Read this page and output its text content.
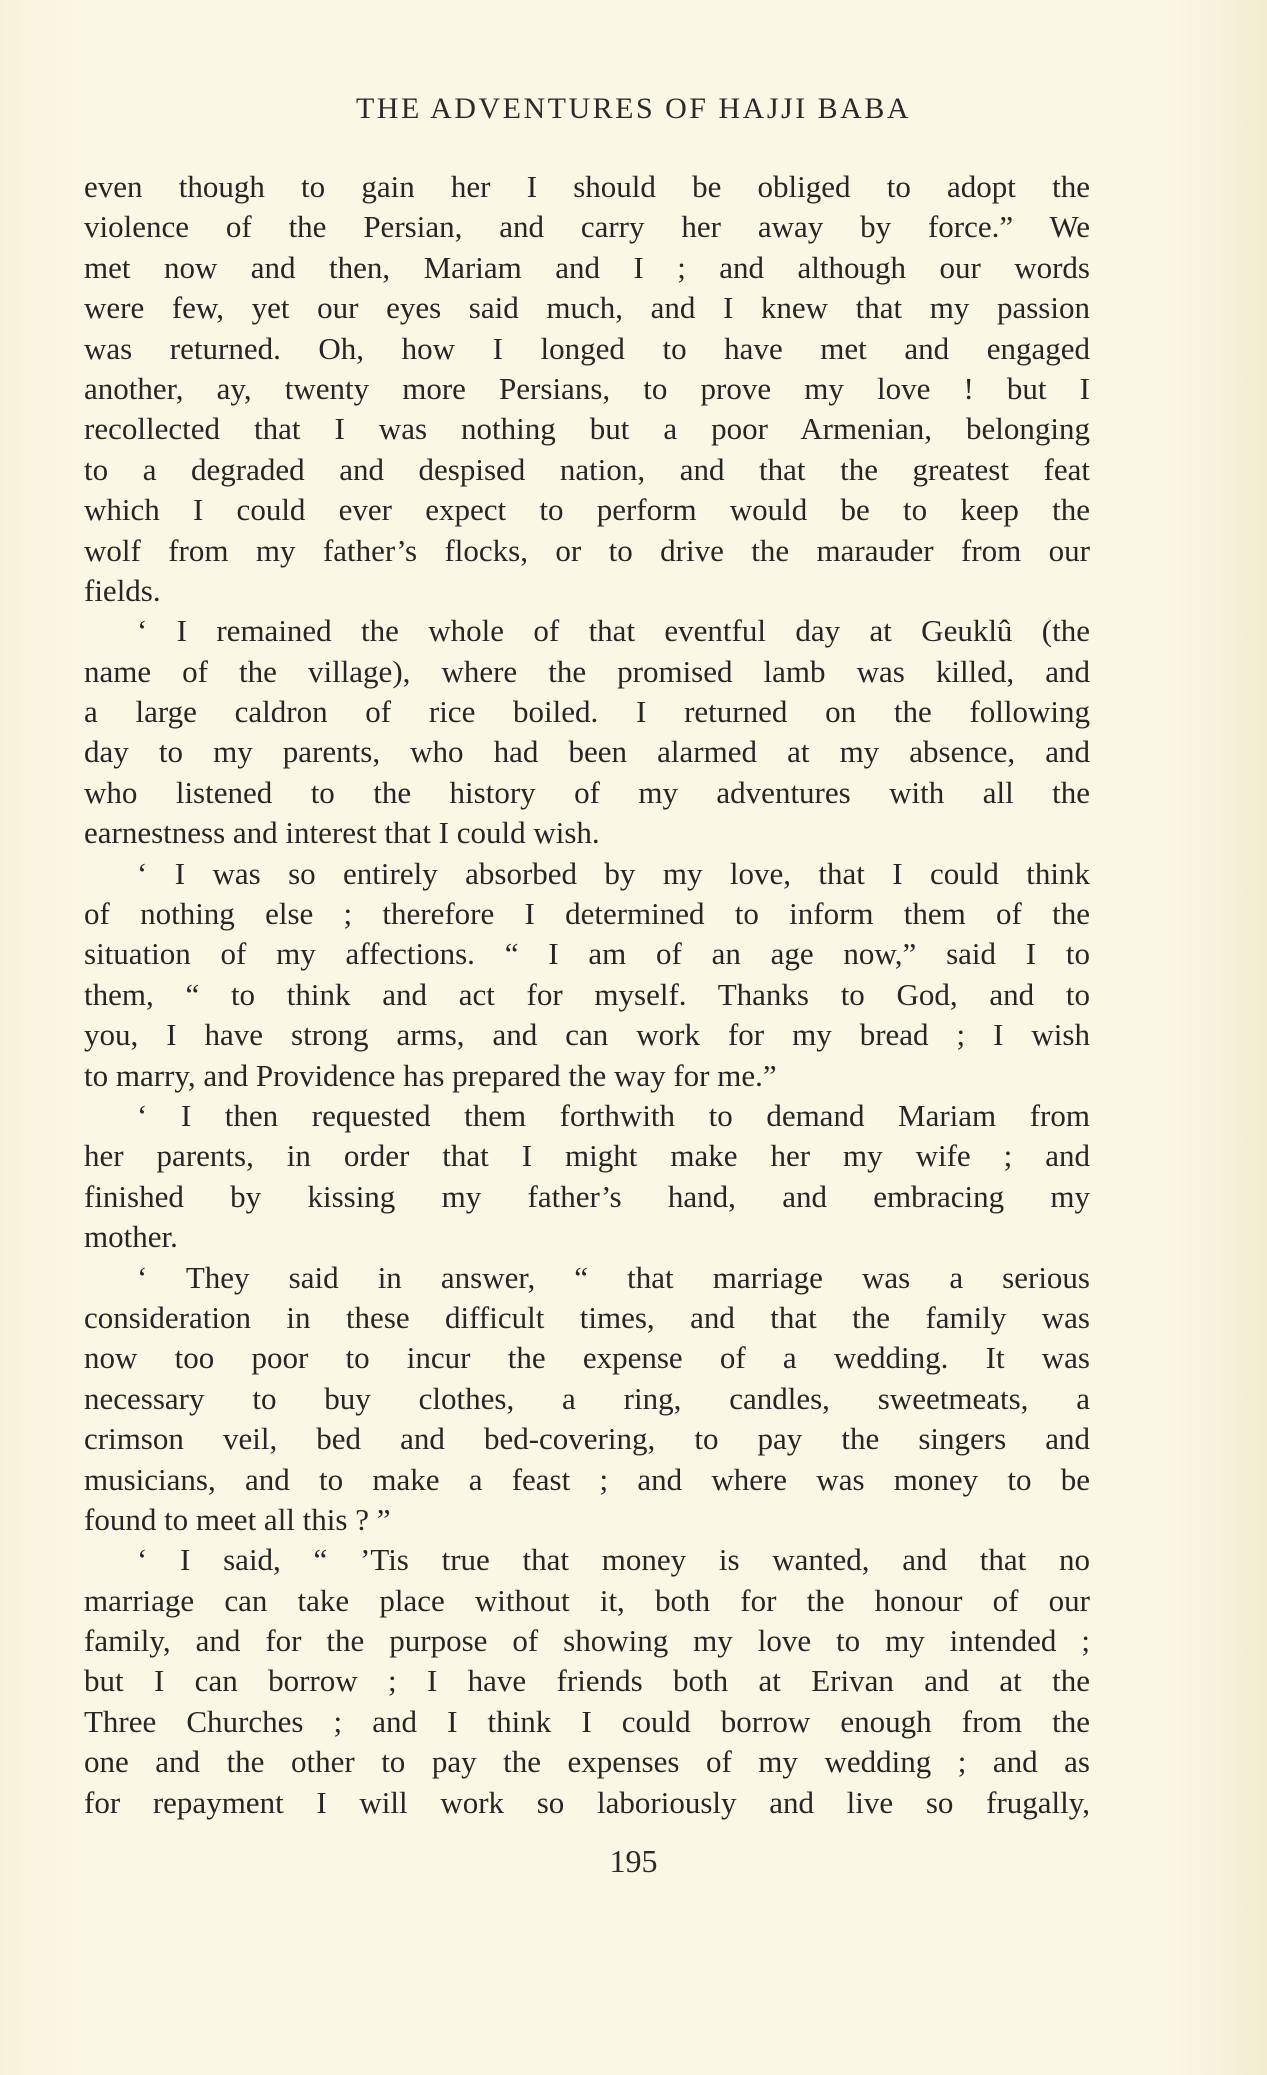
THE ADVENTURES OF HAJJI BABA
even though to gain her I should be obliged to adopt the
violence of the Persian, and carry her away by force.” We
met now and then, Mariam and I ; and although our words
were few, yet our eyes said much, and I knew that my passion
was returned. Oh, how I longed to have met and engaged
another, ay, twenty more Persians, to prove my love ! but I
recollected that I was nothing but a poor Armenian, belonging
to a degraded and despised nation, and that the greatest feat
which I could ever expect to perform would be to keep the
wolf from my father’s flocks, or to drive the marauder from our
fields.
‘ I remained the whole of that eventful day at Geuklû (the
name of the village), where the promised lamb was killed, and
a large caldron of rice boiled. I returned on the following
day to my parents, who had been alarmed at my absence, and
who listened to the history of my adventures with all the
earnestness and interest that I could wish.
‘ I was so entirely absorbed by my love, that I could think
of nothing else ; therefore I determined to inform them of the
situation of my affections. “ I am of an age now,” said I to
them, “ to think and act for myself. Thanks to God, and to
you, I have strong arms, and can work for my bread ; I wish
to marry, and Providence has prepared the way for me.”
‘ I then requested them forthwith to demand Mariam from
her parents, in order that I might make her my wife ; and
finished by kissing my father’s hand, and embracing my
mother.
‘ They said in answer, “ that marriage was a serious
consideration in these difficult times, and that the family was
now too poor to incur the expense of a wedding. It was
necessary to buy clothes, a ring, candles, sweetmeats, a
crimson veil, bed and bed-covering, to pay the singers and
musicians, and to make a feast ; and where was money to be
found to meet all this ? ”
‘ I said, “ ’Tis true that money is wanted, and that no
marriage can take place without it, both for the honour of our
family, and for the purpose of showing my love to my intended ;
but I can borrow ; I have friends both at Erivan and at the
Three Churches ; and I think I could borrow enough from the
one and the other to pay the expenses of my wedding ; and as
for repayment I will work so laboriously and live so frugally,
195
